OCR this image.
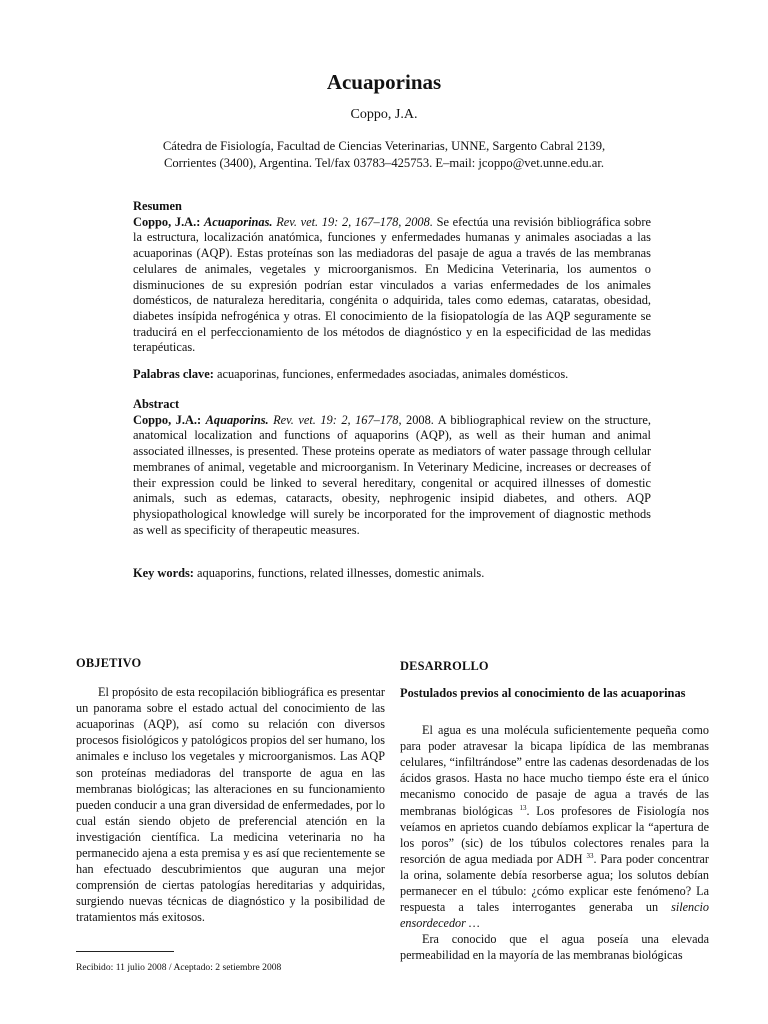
Acuaporinas
Coppo, J.A.
Cátedra de Fisiología, Facultad de Ciencias Veterinarias, UNNE, Sargento Cabral 2139,
Corrientes (3400), Argentina. Tel/fax 03783–425753. E–mail: jcoppo@vet.unne.edu.ar.
Resumen
Coppo, J.A.: Acuaporinas. Rev. vet. 19: 2, 167–178, 2008. Se efectúa una revisión bibliográfica sobre la estructura, localización anatómica, funciones y enfermedades humanas y animales asociadas a las acuaporinas (AQP). Estas proteínas son las mediadoras del pasaje de agua a través de las membranas celulares de animales, vegetales y microorganismos. En Medicina Veterinaria, los aumentos o disminuciones de su expresión podrían estar vinculados a varias enfermedades de los animales domésticos, de naturaleza hereditaria, congénita o adquirida, tales como edemas, cataratas, obesidad, diabetes insípida nefrogénica y otras. El conocimiento de la fisiopatología de las AQP seguramente se traducirá en el perfeccionamiento de los métodos de diagnóstico y en la especificidad de las medidas terapéuticas.
Palabras clave: acuaporinas, funciones, enfermedades asociadas, animales domésticos.
Abstract
Coppo, J.A.: Aquaporins. Rev. vet. 19: 2, 167–178, 2008. A bibliographical review on the structure, anatomical localization and functions of aquaporins (AQP), as well as their human and animal associated illnesses, is presented. These proteins operate as mediators of water passage through cellular membranes of animal, vegetable and microorganism. In Veterinary Medicine, increases or decreases of their expression could be linked to several hereditary, congenital or acquired illnesses of domestic animals, such as edemas, cataracts, obesity, nephrogenic insipid diabetes, and others. AQP physiopathological knowledge will surely be incorporated for the improvement of diagnostic methods as well as specificity of therapeutic measures.
Key words: aquaporins, functions, related illnesses, domestic animals.
OBJETIVO
El propósito de esta recopilación bibliográfica es presentar un panorama sobre el estado actual del conocimiento de las acuaporinas (AQP), así como su relación con diversos procesos fisiológicos y patológicos propios del ser humano, los animales e incluso los vegetales y microorganismos. Las AQP son proteínas mediadoras del transporte de agua en las membranas biológicas; las alteraciones en su funcionamiento pueden conducir a una gran diversidad de enfermedades, por lo cual están siendo objeto de preferencial atención en la investigación científica. La medicina veterinaria no ha permanecido ajena a esta premisa y es así que recientemente se han efectuado descubrimientos que auguran una mejor comprensión de ciertas patologías hereditarias y adquiridas, surgiendo nuevas técnicas de diagnóstico y la posibilidad de tratamientos más exitosos.
DESARROLLO
Postulados previos al conocimiento de las acuaporinas
El agua es una molécula suficientemente pequeña como para poder atravesar la bicapa lipídica de las membranas celulares, “infiltrándose” entre las cadenas desordenadas de los ácidos grasos. Hasta no hace mucho tiempo éste era el único mecanismo conocido de pasaje de agua a través de las membranas biológicas $^{13}$. Los profesores de Fisiología nos veíamos en aprietos cuando debíamos explicar la “apertura de los poros” (sic) de los túbulos colectores renales para la resorción de agua mediada por ADH $^{33}$. Para poder concentrar la orina, solamente debía resorberse agua; los solutos debían permanecer en el túbulo: ¿cómo explicar este fenómeno? La respuesta a tales interrogantes generaba un silencio ensordecedor …
Era conocido que el agua poseía una elevada permeabilidad en la mayoría de las membranas biológicas
Recibido: 11 julio 2008 / Aceptado: 2 setiembre 2008
